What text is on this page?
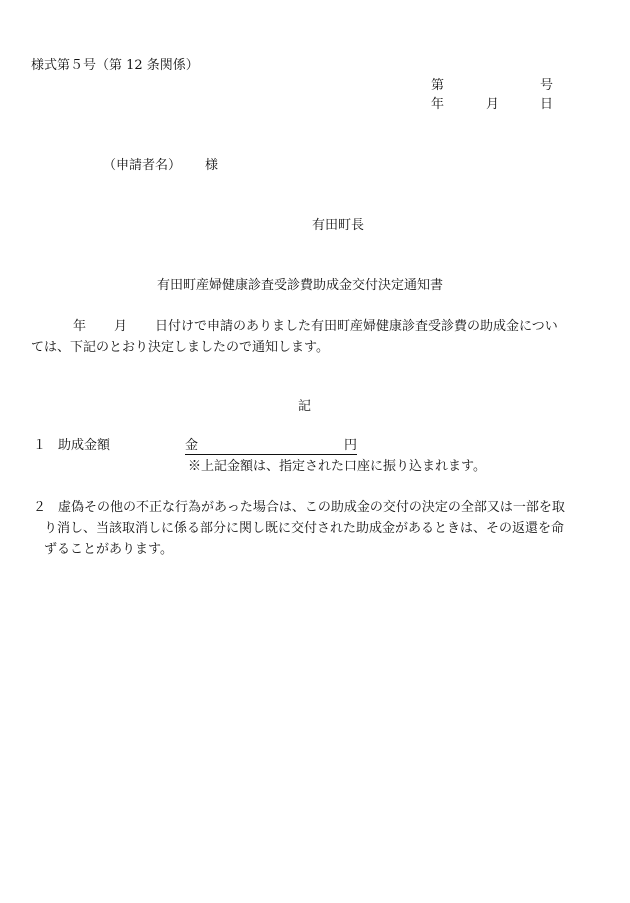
様式第５号（第 12 条関係）
第	号
年	月	日
（申請者名） 様
有田町長
有田町産婦健康診査受診費助成金交付決定通知書
年 月 日付けで申請のありました有田町産婦健康診査受診費の助成金につい
ては、下記のとおり決定しましたので通知します。
記
１ 助成金額	金	円
※上記金額は、指定された口座に振り込まれます。
２ 虚偽その他の不正な行為があった場合は、この助成金の交付の決定の全部又は一部を取
り消し、当該取消しに係る部分に関し既に交付された助成金があるときは、その返還を命
ずることがあります。
